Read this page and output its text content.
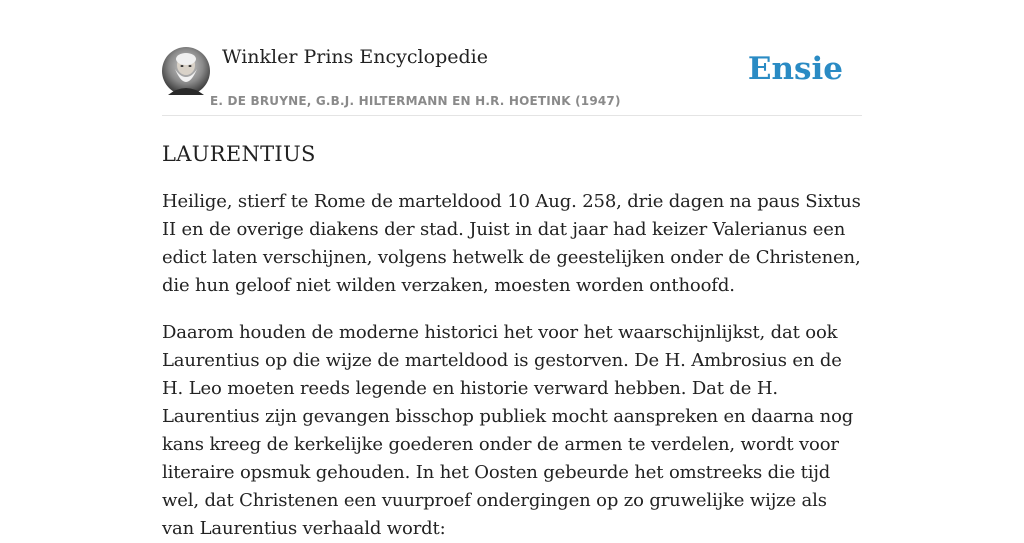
Winkler Prins Encyclopedie
E. DE BRUYNE, G.B.J. HILTERMANN EN H.R. HOETINK (1947)
Ensie
LAURENTIUS

Heilige, stierf te Rome de marteldood 10 Aug. 258, drie dagen na paus Sixtus II en de overige diakens der stad. Juist in dat jaar had keizer Valerianus een edict laten verschijnen, volgens hetwelk de geestelijken onder de Christenen, die hun geloof niet wilden verzaken, moesten worden onthoofd.

Daarom houden de moderne historici het voor het waarschijnlijkst, dat ook Laurentius op die wijze de marteldood is gestorven. De H. Ambrosius en de H. Leo moeten reeds legende en historie verward hebben. Dat de H. Laurentius zijn gevangen bisschop publiek mocht aanspreken en daarna nog kans kreeg de kerkelijke goederen onder de armen te verdelen, wordt voor literaire opsmuk gehouden. In het Oosten gebeurde het omstreeks die tijd wel, dat Christenen een vuurproef ondergingen op zo gruwelijke wijze als van Laurentius verhaald wordt:
